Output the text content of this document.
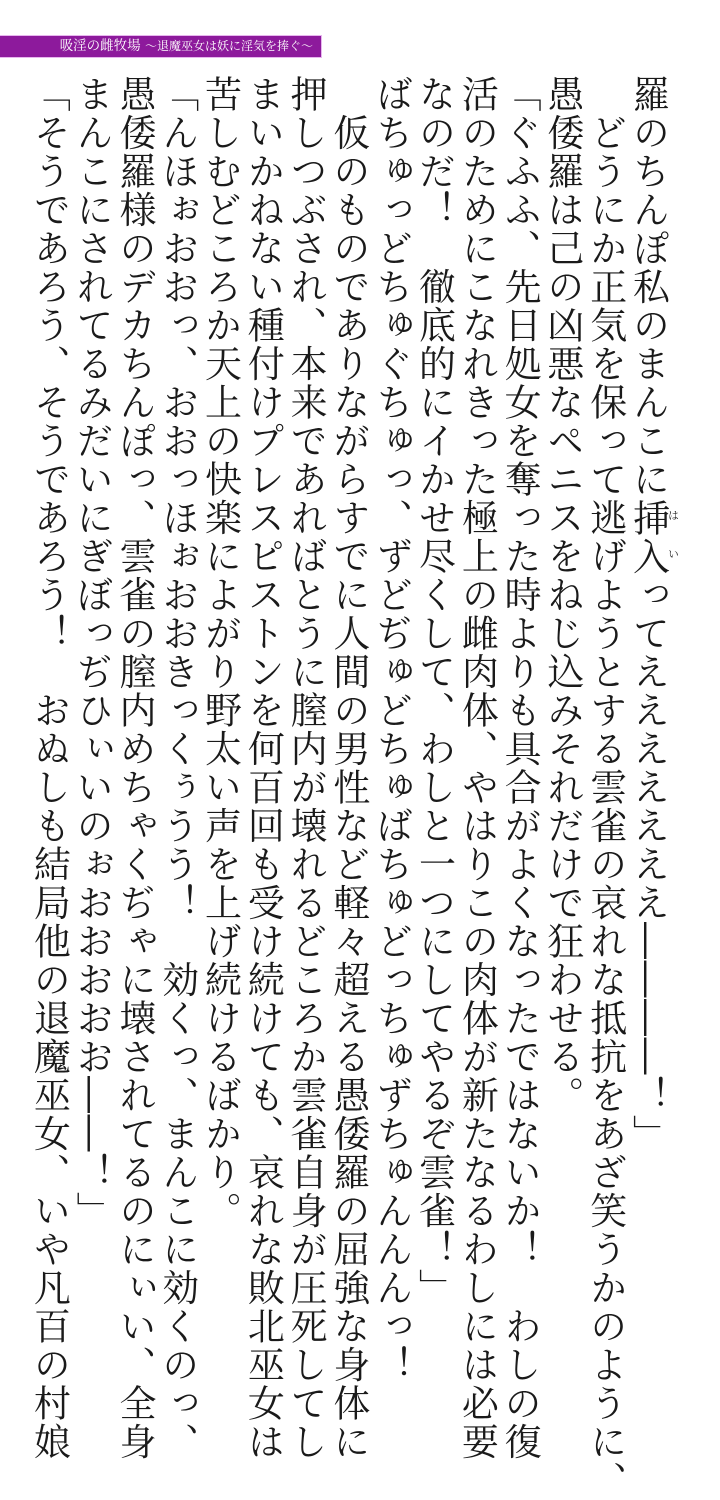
吸淫の雌牧場 ～退魔巫女は妖に淫気を捧ぐ～
羅のちんぽ私のまんこに挿入はいってえええええええ――――！」
　どうにか正気を保って逃げようとする雲雀の哀れな抵抗をあざ笑うかのように、
愚倭羅は己の凶悪なペニスをねじ込みそれだけで狂わせる。
「ぐふふ、先日処女を奪った時よりも具合がよくなったではないか！　わしの復
活のためにこなれきった極上の雌肉体、やはりこの肉体が新たなるわしには必要
なのだ！　徹底的にイかせ尽くして、わしと一つにしてやるぞ雲雀！」
ばちゅっどちゅぐちゅっ、ずどぢゅどちゅばちゅどっちゅずちゅんんんっ！
　仮のものでありながらすでに人間の男性など軽々超える愚倭羅の屈強な身体に
押しつぶされ、本来であればとうに膣内が壊れるどころか雲雀自身が圧死してし
まいかねない種付けプレスピストンを何百回も受け続けても、哀れな敗北巫女は
苦しむどころか天上の快楽によがり野太い声を上げ続けるばかり。
「んほぉおおっ、おおっほぉおおきっくぅうう！　効くっ、まんこに効くのっ、
愚倭羅様のデカちんぽっ、雲雀の膣内めちゃくぢゃに壊されてるのにぃい、全身
まんこにされてるみだいにぎぼっぢひぃいのぉおおおおお――！」
「そうであろう、そうであろう！　おぬしも結局他の退魔巫女、いや凡百の村娘
